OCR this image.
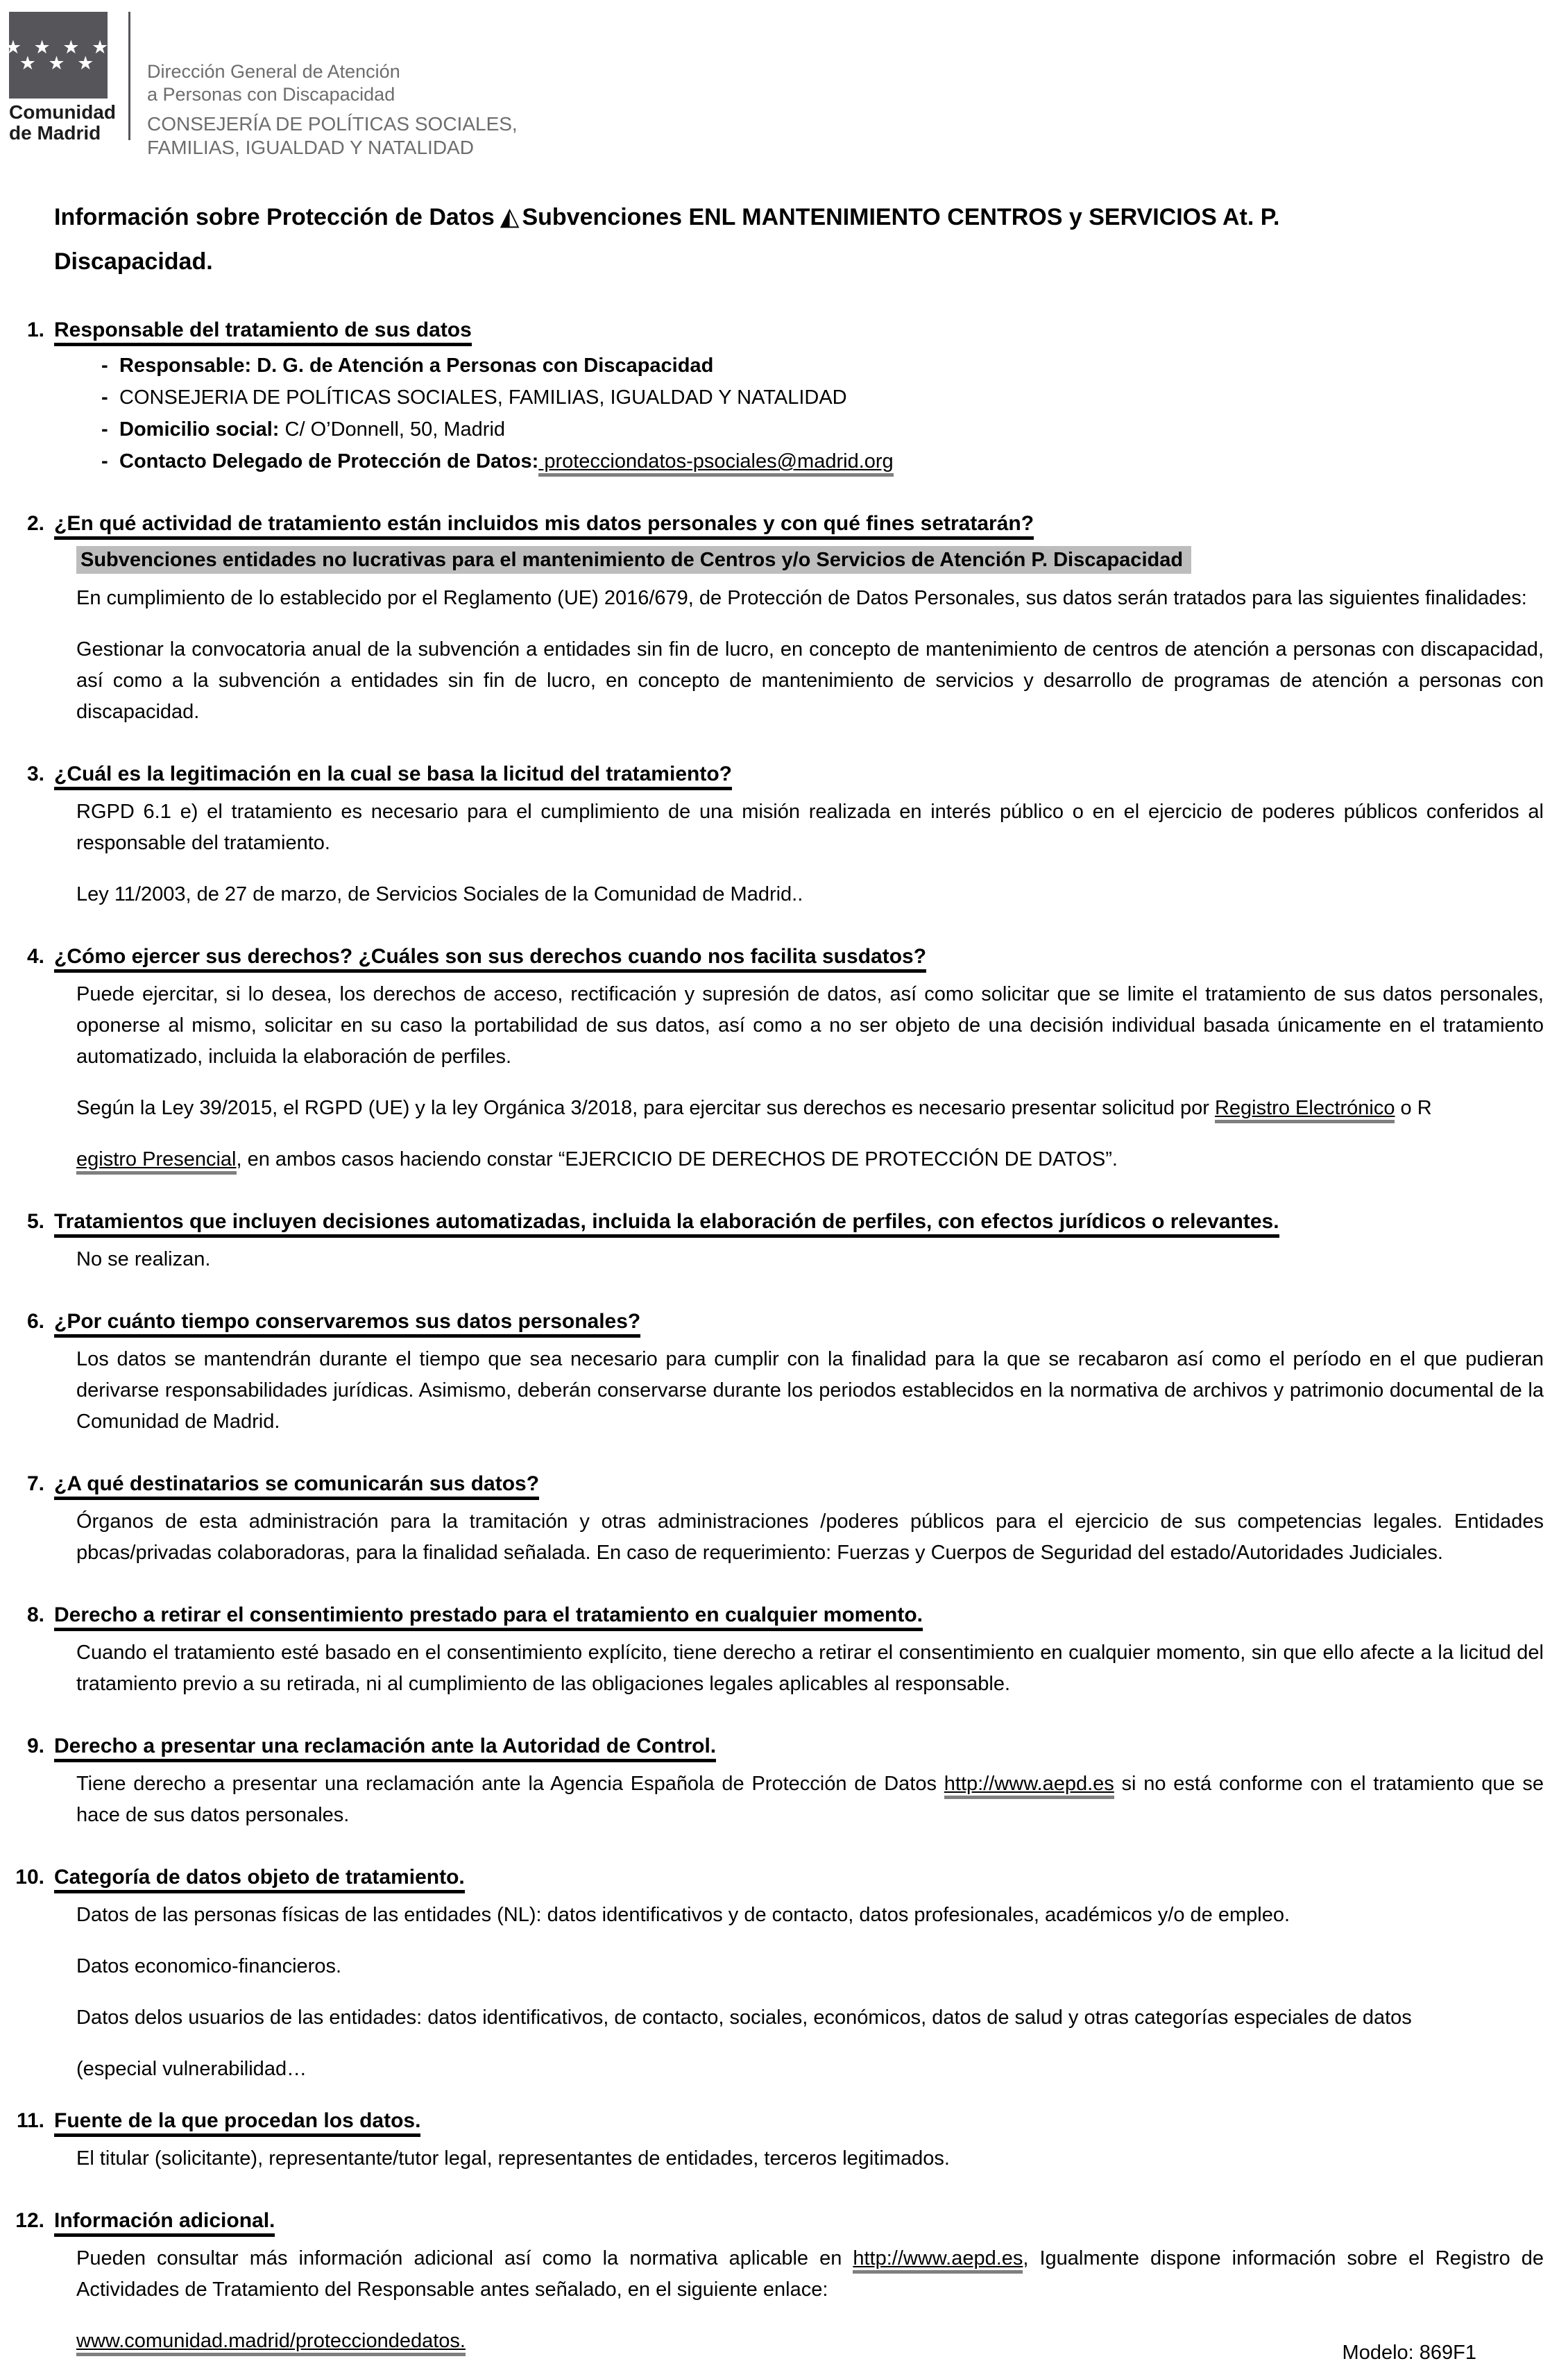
★ ★ ★ ★
★ ★ ★
Comunidad
de Madrid
Dirección General de Atención
a Personas con Discapacidad
CONSEJERÍA DE POLÍTICAS SOCIALES,
FAMILIAS, IGUALDAD Y NATALIDAD
Información sobre Protección de Datos ◭ Subvenciones ENL MANTENIMIENTO CENTROS y SERVICIOS At. P.
Discapacidad.
1. Responsable del tratamiento de sus datos
- Responsable: D. G. de Atención a Personas con Discapacidad
- CONSEJERIA DE POLÍTICAS SOCIALES, FAMILIAS, IGUALDAD Y NATALIDAD
- Domicilio social: C/ O’Donnell, 50, Madrid
- Contacto Delegado de Protección de Datos: protecciondatos-psociales@madrid.org
2. ¿En qué actividad de tratamiento están incluidos mis datos personales y con qué fines setratarán?
Subvenciones entidades no lucrativas para el mantenimiento de Centros y/o Servicios de Atención P. Discapacidad

En cumplimiento de lo establecido por el Reglamento (UE) 2016/679, de Protección de Datos Personales, sus datos serán tratados para las siguientes finalidades:

Gestionar la convocatoria anual de la subvención a entidades sin fin de lucro, en concepto de mantenimiento de centros de atención a personas con discapacidad, así como a la subvención a entidades sin fin de lucro, en concepto de mantenimiento de servicios y desarrollo de programas de atención a personas con discapacidad.

3. ¿Cuál es la legitimación en la cual se basa la licitud del tratamiento?

RGPD 6.1 e) el tratamiento es necesario para el cumplimiento de una misión realizada en interés público o en el ejercicio de poderes públicos conferidos al responsable del tratamiento.

Ley 11/2003, de 27 de marzo, de Servicios Sociales de la Comunidad de Madrid..

4. ¿Cómo ejercer sus derechos? ¿Cuáles son sus derechos cuando nos facilita susdatos?

Puede ejercitar, si lo desea, los derechos de acceso, rectificación y supresión de datos, así como solicitar que se limite el tratamiento de sus datos personales, oponerse al mismo, solicitar en su caso la portabilidad de sus datos, así como a no ser objeto de una decisión individual basada únicamente en el tratamiento automatizado, incluida la elaboración de perfiles.

Según la Ley 39/2015, el RGPD (UE) y la ley Orgánica 3/2018, para ejercitar sus derechos es necesario presentar solicitud por Registro Electrónico o R

egistro Presencial, en ambos casos haciendo constar “EJERCICIO DE DERECHOS DE PROTECCIÓN DE DATOS”.

5. Tratamientos que incluyen decisiones automatizadas, incluida la elaboración de perfiles, con efectos jurídicos o relevantes.

No se realizan.

6. ¿Por cuánto tiempo conservaremos sus datos personales?

Los datos se mantendrán durante el tiempo que sea necesario para cumplir con la finalidad para la que se recabaron así como el período en el que pudieran derivarse responsabilidades jurídicas. Asimismo, deberán conservarse durante los periodos establecidos en la normativa de archivos y patrimonio documental de la Comunidad de Madrid.

7. ¿A qué destinatarios se comunicarán sus datos?

Órganos de esta administración para la tramitación y otras administraciones /poderes públicos para el ejercicio de sus competencias legales. Entidades pbcas/privadas colaboradoras, para la finalidad señalada. En caso de requerimiento: Fuerzas y Cuerpos de Seguridad del estado/Autoridades Judiciales.

8. Derecho a retirar el consentimiento prestado para el tratamiento en cualquier momento.

Cuando el tratamiento esté basado en el consentimiento explícito, tiene derecho a retirar el consentimiento en cualquier momento, sin que ello afecte a la licitud del tratamiento previo a su retirada, ni al cumplimiento de las obligaciones legales aplicables al responsable.

9. Derecho a presentar una reclamación ante la Autoridad de Control.

Tiene derecho a presentar una reclamación ante la Agencia Española de Protección de Datos http://www.aepd.es si no está conforme con el tratamiento que se hace de sus datos personales.

10. Categoría de datos objeto de tratamiento.

Datos de las personas físicas de las entidades (NL): datos identificativos y de contacto, datos profesionales, académicos y/o de empleo.

Datos economico-financieros.

Datos delos usuarios de las entidades: datos identificativos, de contacto, sociales, económicos, datos de salud y otras categorías especiales de datos

(especial vulnerabilidad…

11. Fuente de la que procedan los datos.

El titular (solicitante), representante/tutor legal, representantes de entidades, terceros legitimados.

12. Información adicional.

Pueden consultar más información adicional así como la normativa aplicable en http://www.aepd.es, Igualmente dispone información sobre el Registro de Actividades de Tratamiento del Responsable antes señalado, en el siguiente enlace:

www.comunidad.madrid/protecciondedatos.

Modelo: 869F1
